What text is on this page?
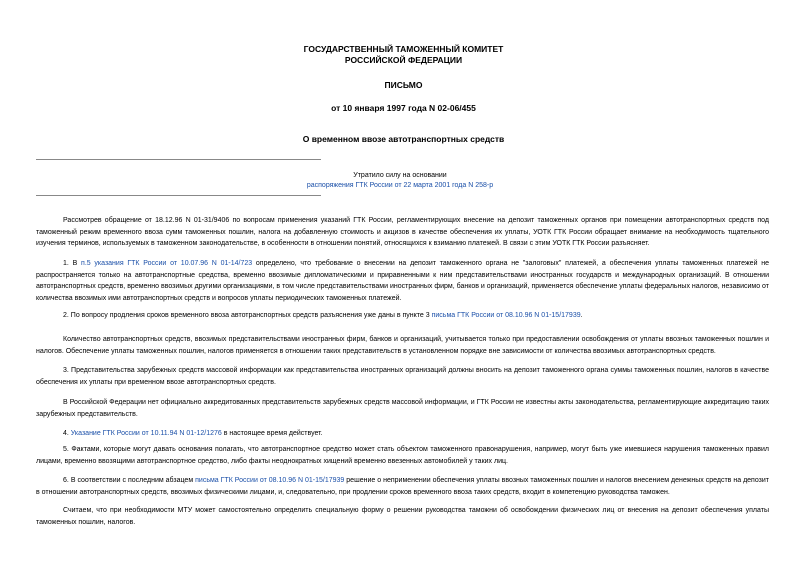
ГОСУДАРСТВЕННЫЙ ТАМОЖЕННЫЙ КОМИТЕТ
РОССИЙСКОЙ ФЕДЕРАЦИИ
ПИСЬМО
от 10 января 1997 года N 02-06/455
О временном ввозе автотранспортных средств
Утратило силу на основании
распоряжения ГТК России от 22 марта 2001 года N 258-р
Рассмотрев обращение от 18.12.96 N 01-31/9406 по вопросам применения указаний ГТК России, регламентирующих внесение на депозит таможенных органов при помещении автотранспортных средств под таможенный режим временного ввоза сумм таможенных пошлин, налога на добавленную стоимость и акцизов в качестве обеспечения их уплаты, УОТК ГТК России обращает внимание на необходимость тщательного изучения терминов, используемых в таможенном законодательстве, в особенности в отношении понятий, относящихся к взиманию платежей. В связи с этим УОТК ГТК России разъясняет.
1. В п.5 указания ГТК России от 10.07.96 N 01-14/723 определено, что требование о внесении на депозит таможенного органа не "залоговых" платежей, а обеспечения уплаты таможенных платежей не распространяется только на автотранспортные средства, временно ввозимые дипломатическими и приравненными к ним представительствами иностранных государств и международных организаций. В отношении автотранспортных средств, временно ввозимых другими организациями, в том числе представительствами иностранных фирм, банков и организаций, применяется обеспечение уплаты федеральных налогов, независимо от количества ввозимых ими автотранспортных средств и вопросов уплаты периодических таможенных платежей.
2. По вопросу продления сроков временного ввоза автотранспортных средств разъяснения уже даны в пункте 3 письма ГТК России от 08.10.96 N 01-15/17939.
Количество автотранспортных средств, ввозимых представительствами иностранных фирм, банков и организаций, учитывается только при предоставлении освобождения от уплаты ввозных таможенных пошлин и налогов. Обеспечение уплаты таможенных пошлин, налогов применяется в отношении таких представительств в установленном порядке вне зависимости от количества ввозимых автотранспортных средств.
3. Представительства зарубежных средств массовой информации как представительства иностранных организаций должны вносить на депозит таможенного органа суммы таможенных пошлин, налогов в качестве обеспечения их уплаты при временном ввозе автотранспортных средств.
В Российской Федерации нет официально аккредитованных представительств зарубежных средств массовой информации, и ГТК России не известны акты законодательства, регламентирующие аккредитацию таких зарубежных представительств.
4. Указание ГТК России от 10.11.94 N 01-12/1276 в настоящее время действует.
5. Фактами, которые могут давать основания полагать, что автотранспортное средство может стать объектом таможенного правонарушения, например, могут быть уже имевшиеся нарушения таможенных правил лицами, временно ввозящими автотранспортное средство, либо факты неоднократных хищений временно ввезенных автомобилей у таких лиц.
6. В соответствии с последним абзацем письма ГТК России от 08.10.96 N 01-15/17939 решение о неприменении обеспечения уплаты ввозных таможенных пошлин и налогов внесением денежных средств на депозит в отношении автотранспортных средств, ввозимых физическими лицами, и, следовательно, при продлении сроков временного ввоза таких средств, входит в компетенцию руководства таможен.
Считаем, что при необходимости МТУ может самостоятельно определить специальную форму о решении руководства таможни об освобождении физических лиц от внесения на депозит обеспечения уплаты таможенных пошлин, налогов.
